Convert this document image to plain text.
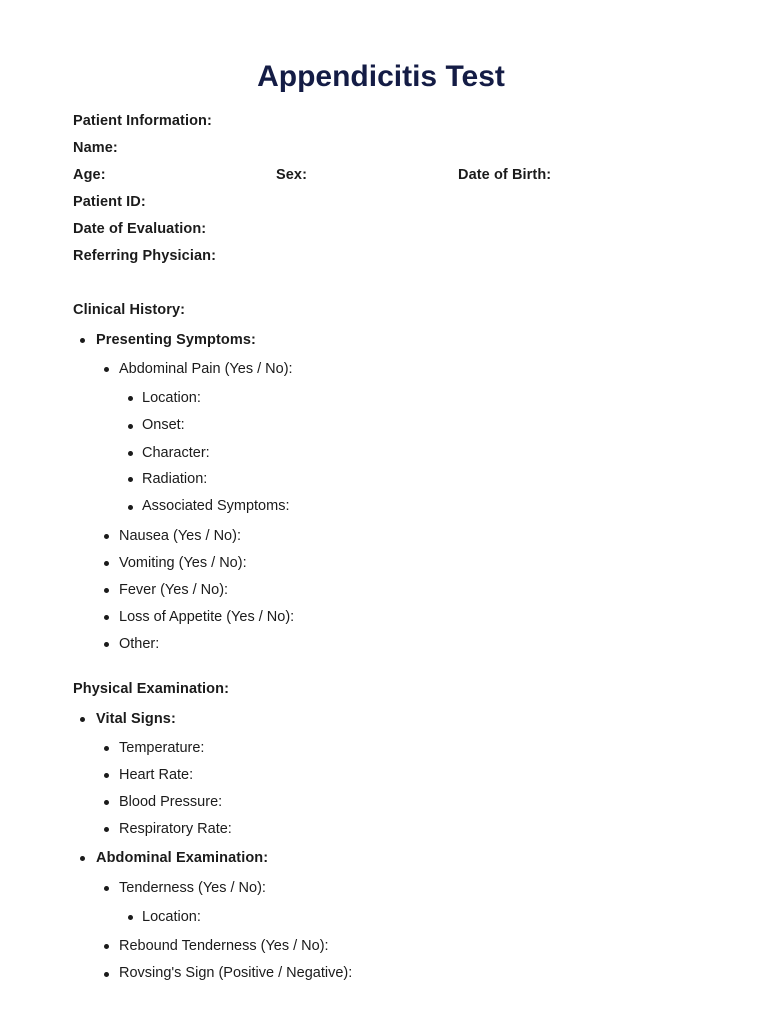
Appendicitis Test
Patient Information:
Name:
Age:	Sex:	Date of Birth:
Patient ID:
Date of Evaluation:
Referring Physician:
Clinical History:
Presenting Symptoms:
Abdominal Pain (Yes / No):
Location:
Onset:
Character:
Radiation:
Associated Symptoms:
Nausea (Yes / No):
Vomiting (Yes / No):
Fever (Yes / No):
Loss of Appetite (Yes / No):
Other:
Physical Examination:
Vital Signs:
Temperature:
Heart Rate:
Blood Pressure:
Respiratory Rate:
Abdominal Examination:
Tenderness (Yes / No):
Location:
Rebound Tenderness (Yes / No):
Rovsing's Sign (Positive / Negative):
